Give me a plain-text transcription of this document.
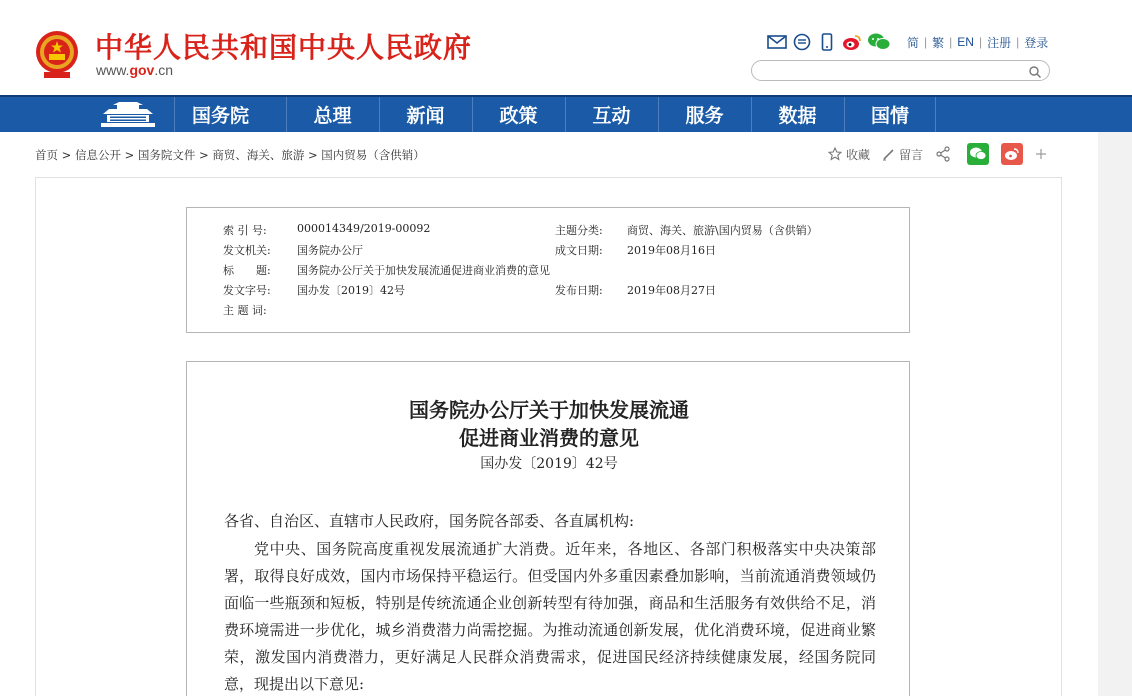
中华人民共和国中央人民政府
www.gov.cn
简 | 繁 | EN | 注册 | 登录
国务院	总理	新闻	政策	互动	服务	数据	国情
首页 > 信息公开 > 国务院文件 > 商贸、海关、旅游 > 国内贸易（含供销）	收藏 留言
索 引 号:	000014349/2019-00092	主题分类:	商贸、海关、旅游\国内贸易（含供销）
发文机关:	国务院办公厅	成文日期:	2019年08月16日
标　　题:	国务院办公厅关于加快发展流通促进商业消费的意见
发文字号:	国办发〔2019〕42号	发布日期:	2019年08月27日
主 题 词:
国务院办公厅关于加快发展流通
促进商业消费的意见
国办发〔2019〕42号
各省、自治区、直辖市人民政府，国务院各部委、各直属机构:
党中央、国务院高度重视发展流通扩大消费。近年来，各地区、各部门积极落实中央决策部署，取得良好成效，国内市场保持平稳运行。但受国内外多重因素叠加影响，当前流通消费领域仍面临一些瓶颈和短板，特别是传统流通企业创新转型有待加强，商品和生活服务有效供给不足，消费环境需进一步优化，城乡消费潜力尚需挖掘。为推动流通创新发展，优化消费环境，促进商业繁荣，激发国内消费潜力，更好满足人民群众消费需求，促进国民经济持续健康发展，经国务院同意，现提出以下意见:
